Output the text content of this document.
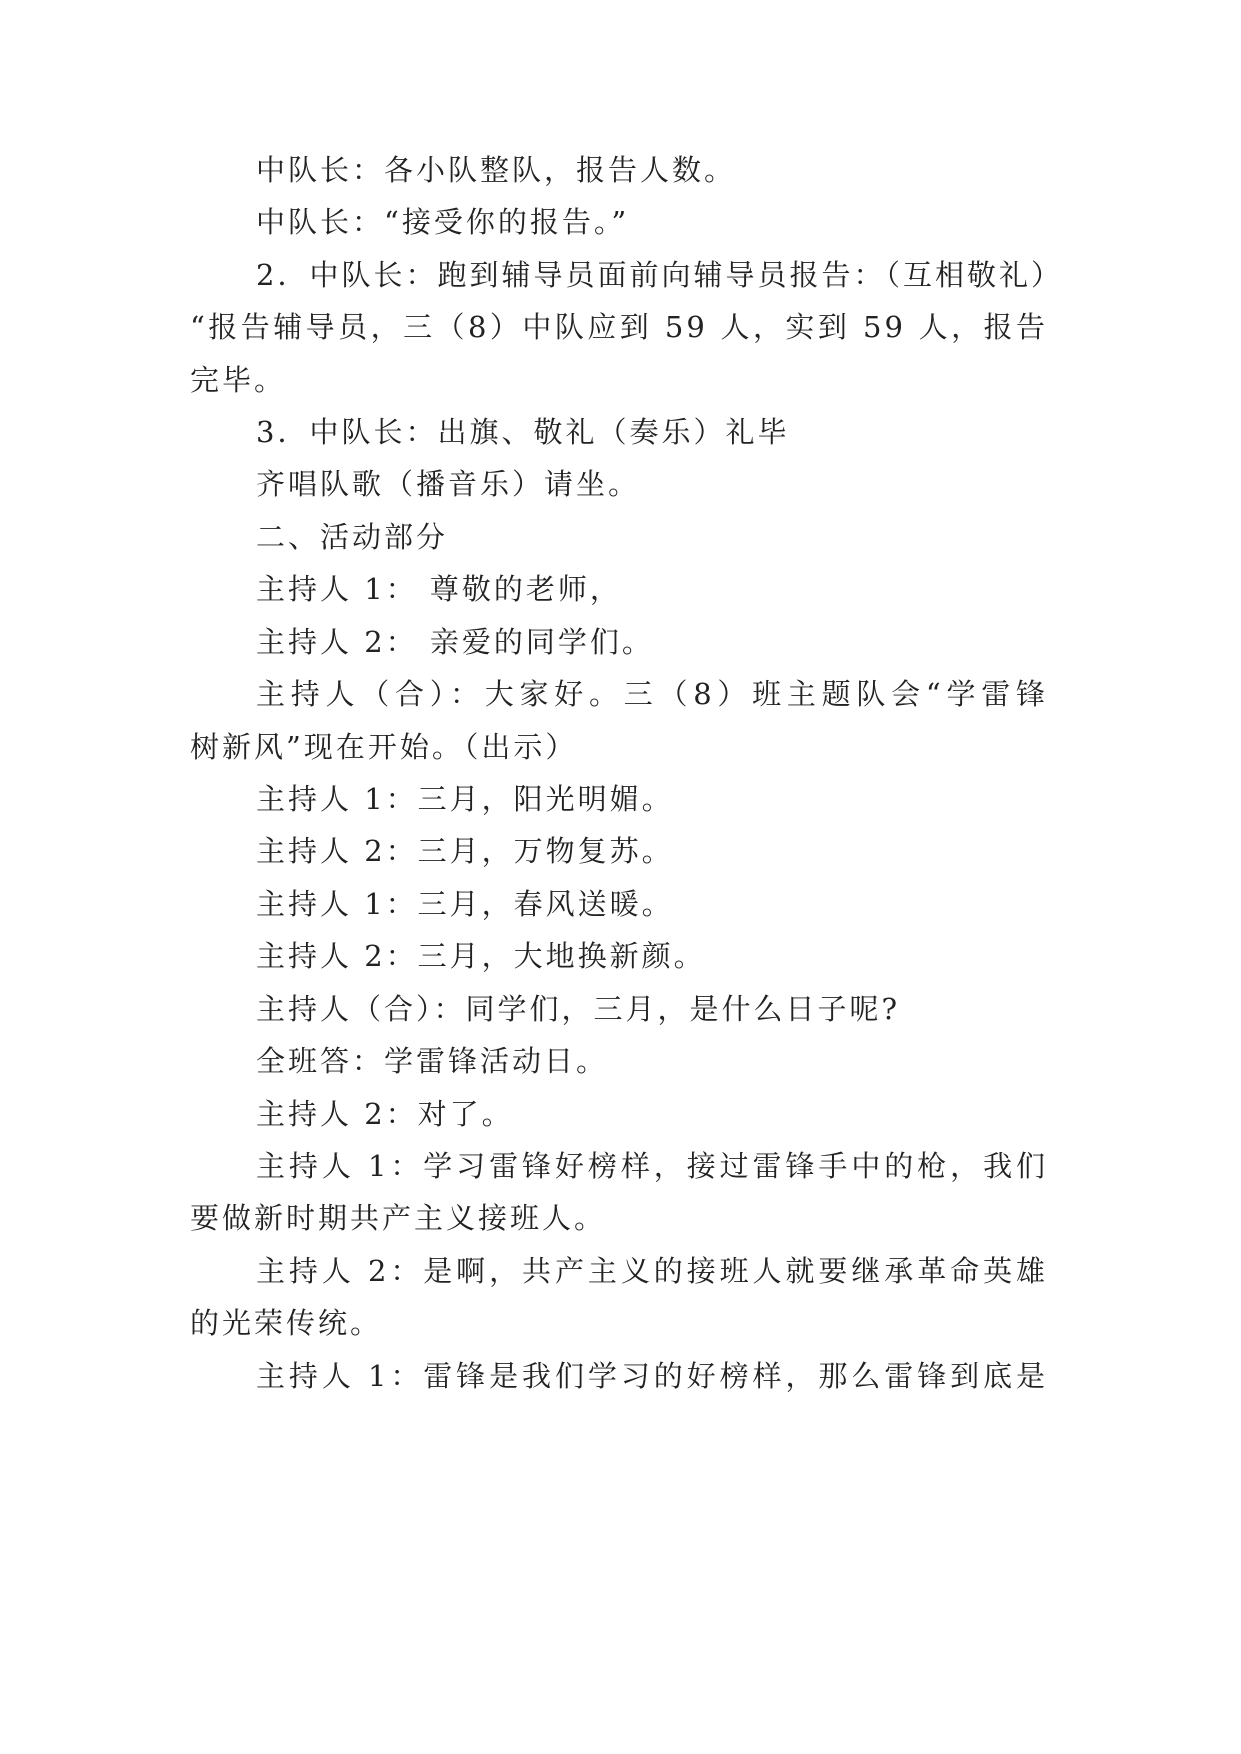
中队长：各小队整队，报告人数。
中队长：“接受你的报告。”
2．中队长：跑到辅导员面前向辅导员报告：（互相敬礼）
“报告辅导员，三（8）中队应到 59 人，实到 59 人，报告
完毕。
3．中队长：出旗、敬礼（奏乐）礼毕
齐唱队歌（播音乐）请坐。
二、活动部分
主持人 1： 尊敬的老师，
主持人 2： 亲爱的同学们。
主持人（合）：大家好。三（8）班主题队会“学雷锋
树新风”现在开始。（出示）
主持人 1：三月，阳光明媚。
主持人 2：三月，万物复苏。
主持人 1：三月，春风送暖。
主持人 2：三月，大地换新颜。
主持人（合）：同学们，三月，是什么日子呢?
全班答：学雷锋活动日。
主持人 2：对了。
主持人 1：学习雷锋好榜样，接过雷锋手中的枪，我们
要做新时期共产主义接班人。
主持人 2：是啊，共产主义的接班人就要继承革命英雄
的光荣传统。
主持人 1：雷锋是我们学习的好榜样，那么雷锋到底是
